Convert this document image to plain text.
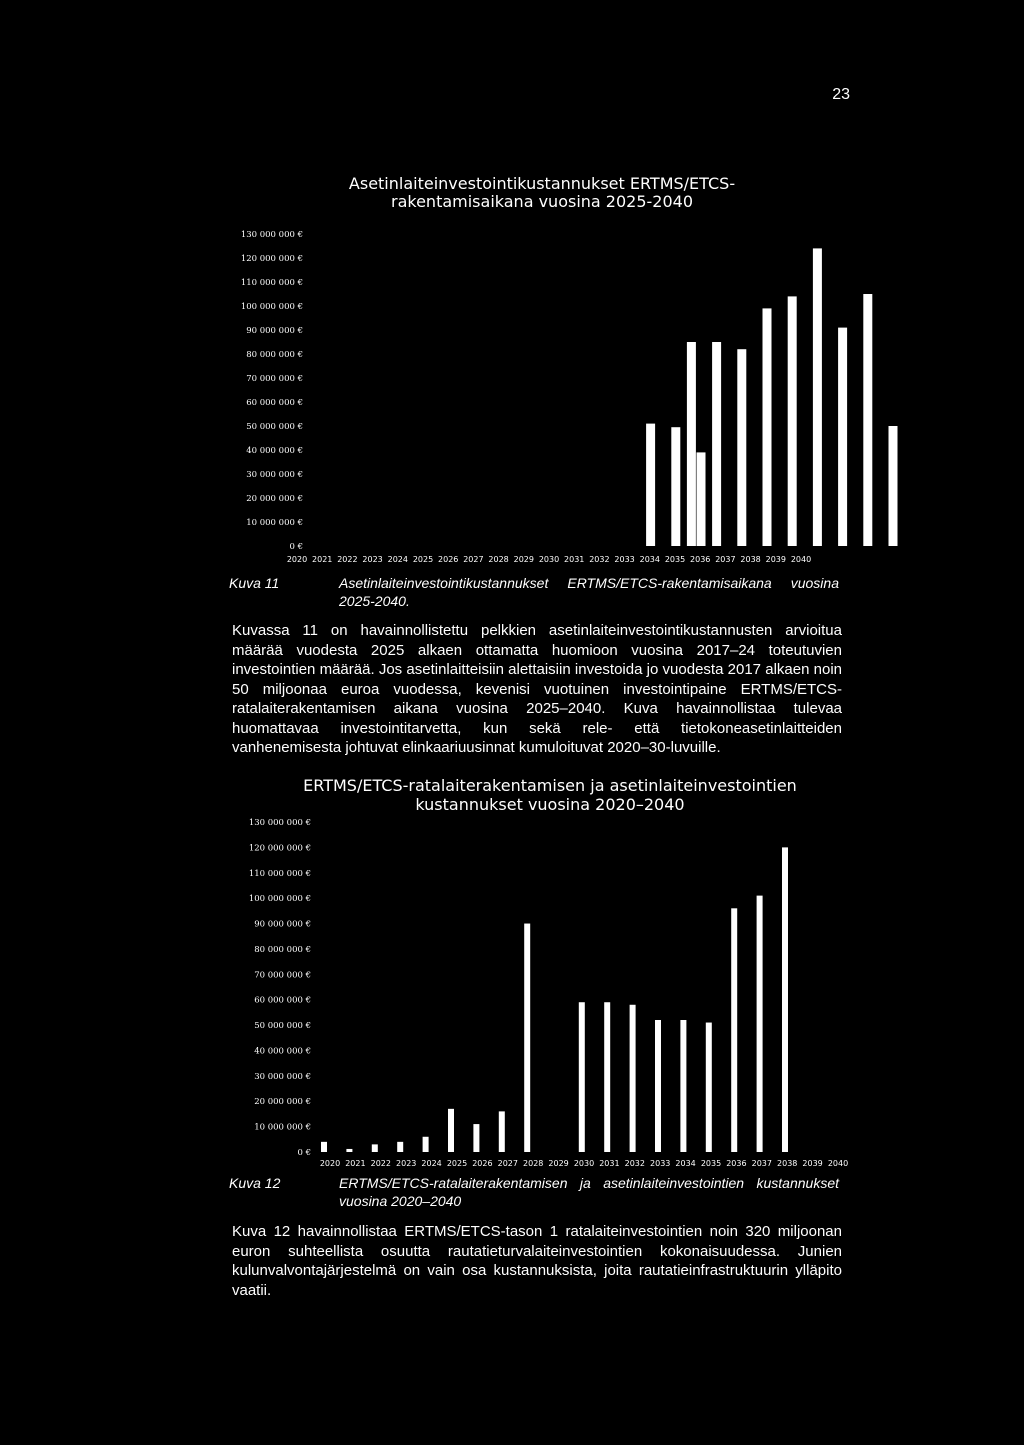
23
Asetinlaiteinvestointikustannukset ERTMS/ETCS-
rakentamisaikana vuosina 2025-2040
0 €
10 000 000 €
20 000 000 €
30 000 000 €
40 000 000 €
50 000 000 €
60 000 000 €
70 000 000 €
80 000 000 €
90 000 000 €
100 000 000 €
110 000 000 €
120 000 000 €
130 000 000 €
2020 2021 2022 2023 2024 2025 2026 2027 2028 2029 2030 2031 2032 2033 2034 2035 2036 2037 2038 2039 2040
Kuva 11	Asetinlaiteinvestointikustannukset ERTMS/ETCS-rakentamisaikana vuosina 2025-2040.

Kuvassa 11 on havainnollistettu pelkkien asetinlaiteinvestointikustannusten arvioitua määrää vuodesta 2025 alkaen ottamatta huomioon vuosina 2017–24 toteutuvien investointien määrää. Jos asetinlaitteisiin alettaisiin investoida jo vuodesta 2017 alkaen noin 50 miljoonaa euroa vuodessa, kevenisi vuotuinen investointipaine ERTMS/ETCS-ratalaiterakentamisen aikana vuosina 2025–2040. Kuva havainnollistaa tulevaa huomattavaa investointitarvetta, kun sekä rele- että tietokoneasetinlaitteiden vanhenemisesta johtuvat elinkaariuusinnat kumuloituvat 2020–30-luvuille.

ERTMS/ETCS-ratalaiterakentamisen ja asetinlaiteinvestointien
kustannukset vuosina 2020–2040
0 €
10 000 000 €
20 000 000 €
30 000 000 €
40 000 000 €
50 000 000 €
60 000 000 €
70 000 000 €
80 000 000 €
90 000 000 €
100 000 000 €
110 000 000 €
120 000 000 €
130 000 000 €
2020 2021 2022 2023 2024 2025 2026 2027 2028 2029 2030 2031 2032 2033 2034 2035 2036 2037 2038 2039 2040
Kuva 12	ERTMS/ETCS-ratalaiterakentamisen ja asetinlaiteinvestointien kustannukset vuosina 2020–2040

Kuva 12 havainnollistaa ERTMS/ETCS-tason 1 ratalaiteinvestointien noin 320 miljoonan euron suhteellista osuutta rautatieturvalaiteinvestointien kokonaisuudessa. Junien kulunvalvontajärjestelmä on vain osa kustannuksista, joita rautatieinfrastruktuurin ylläpito vaatii.
